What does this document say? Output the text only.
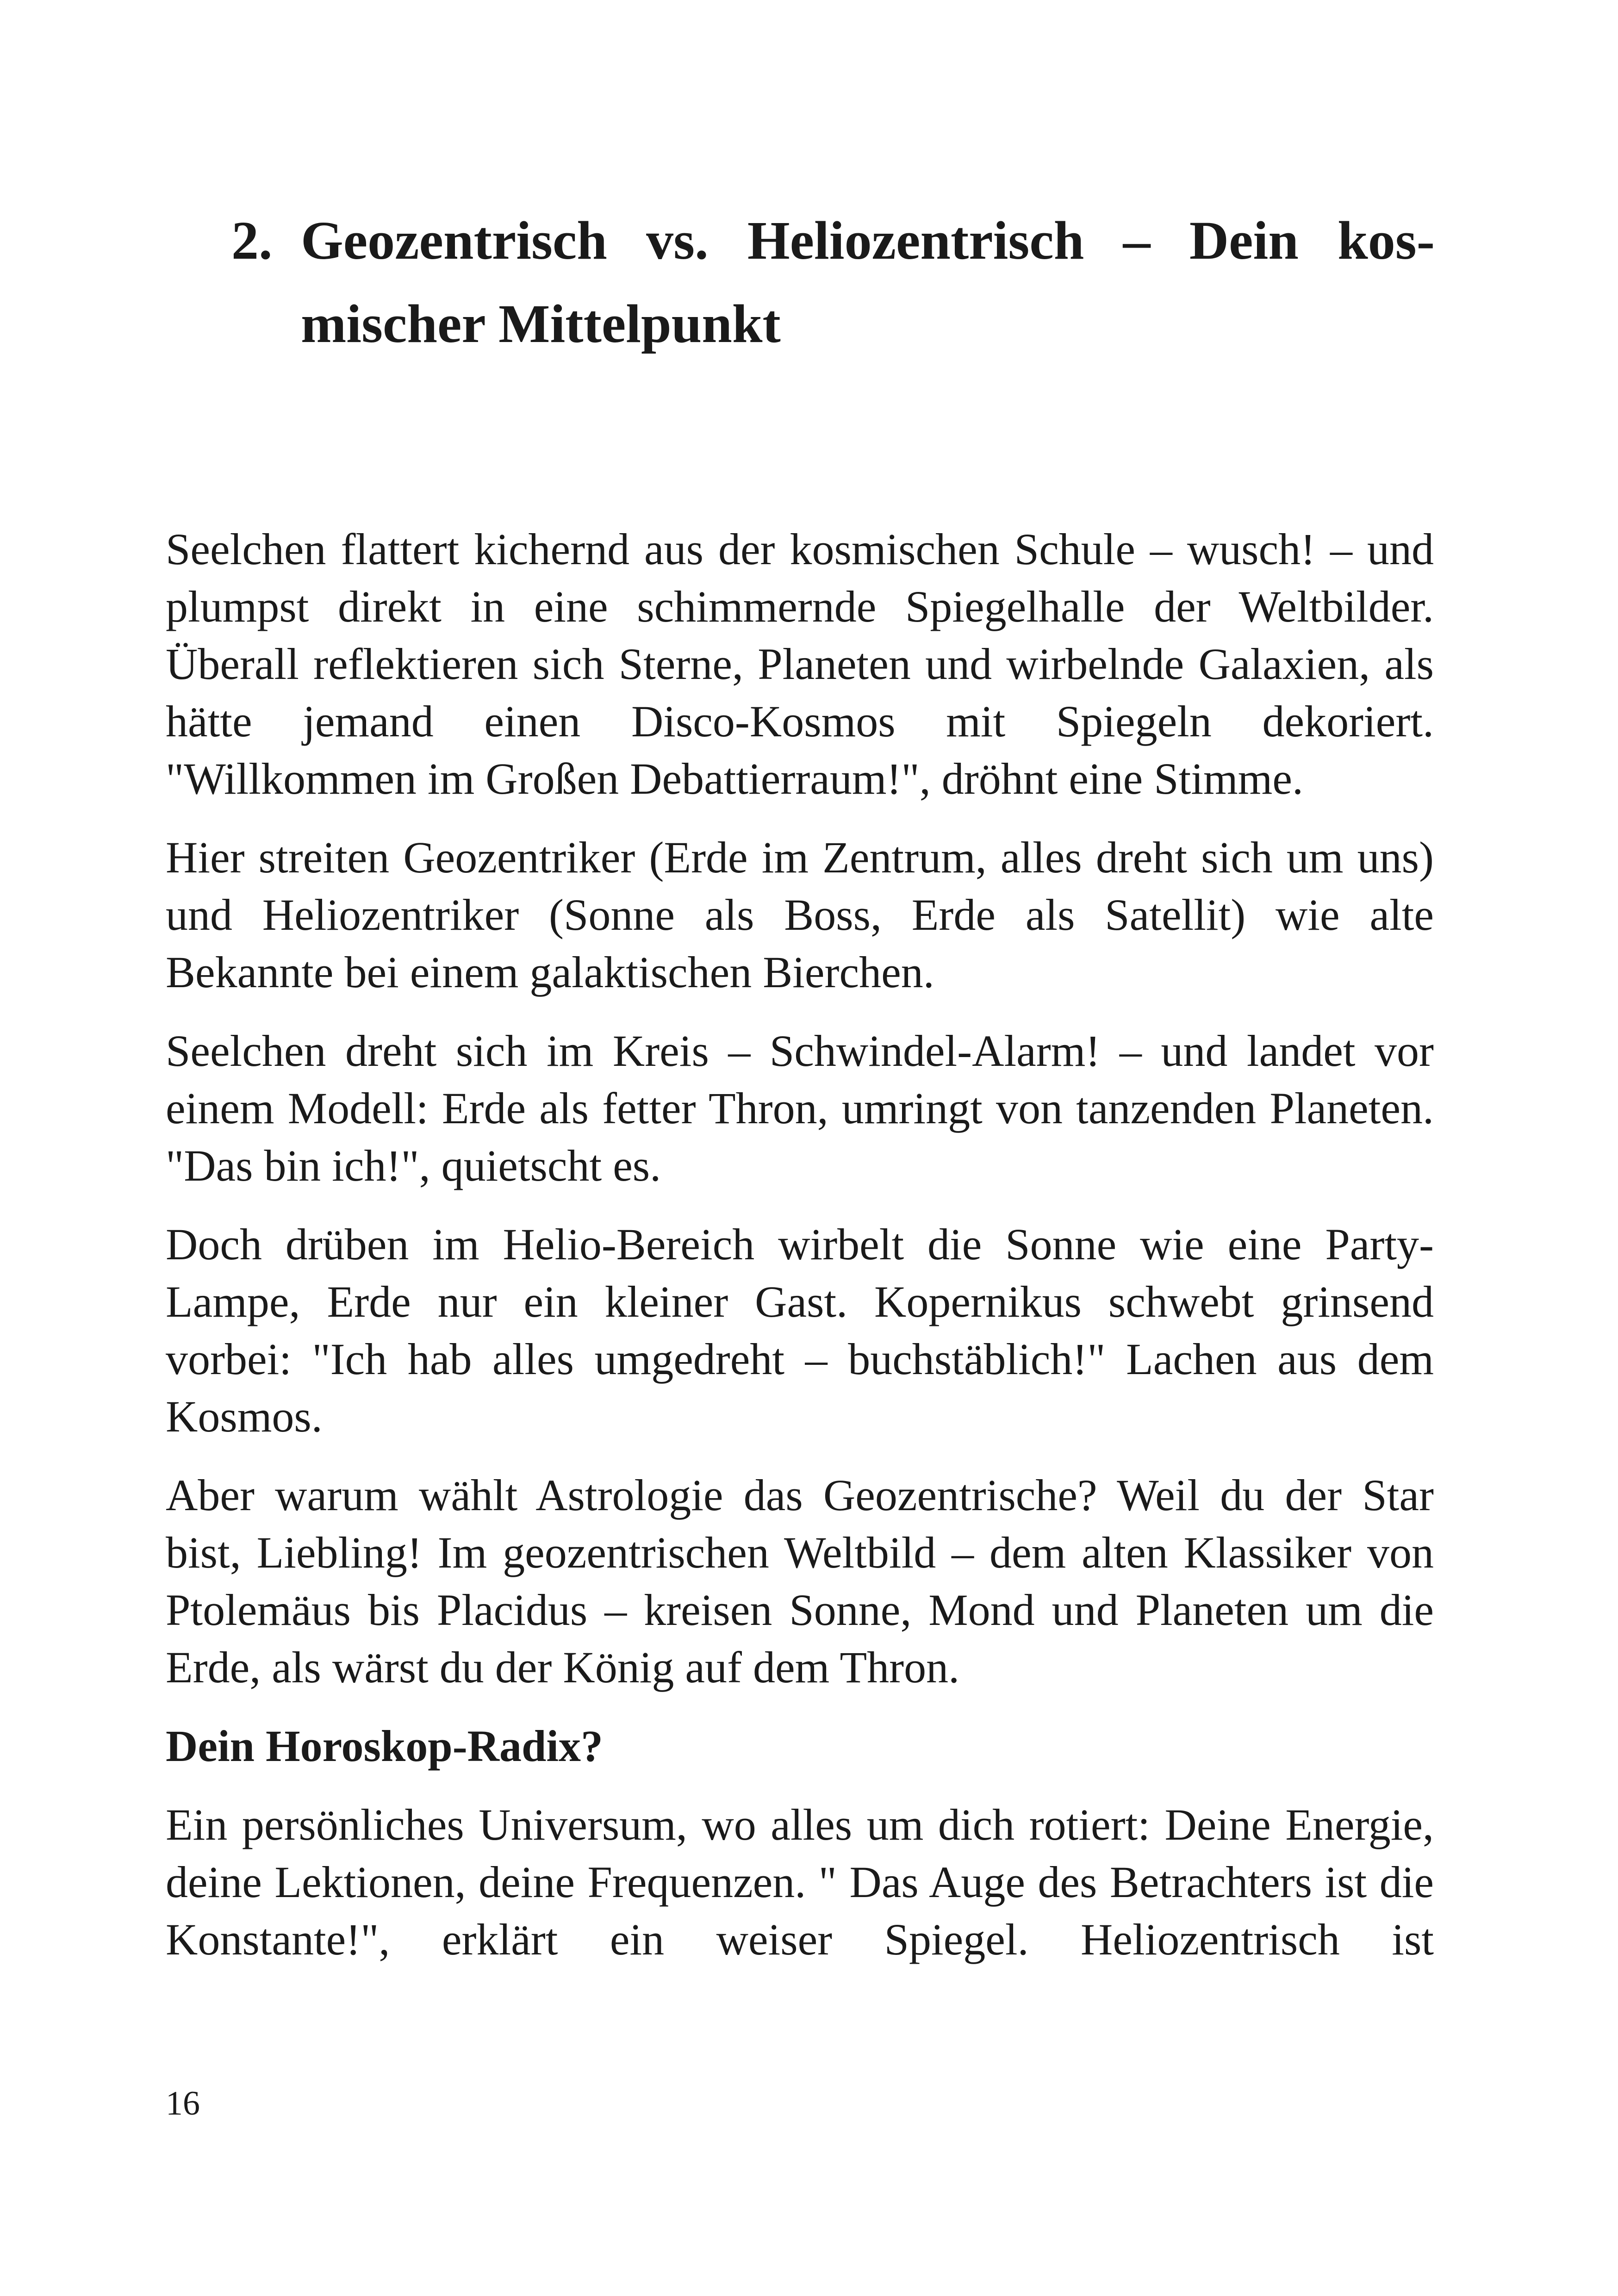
2. Geozentrisch vs. Heliozentrisch – Dein kosmischer Mittelpunkt

Seelchen flattert kichernd aus der kosmischen Schule – wusch! – und plumpst direkt in eine schimmernde Spiegelhalle der Weltbilder. Überall reflektieren sich Sterne, Planeten und wirbelnde Galaxien, als hätte jemand einen Disco-Kosmos mit Spiegeln dekoriert. "Willkommen im Großen Debattierraum!", dröhnt eine Stimme.

Hier streiten Geozentriker (Erde im Zentrum, alles dreht sich um uns) und Heliozentriker (Sonne als Boss, Erde als Satellit) wie alte Bekannte bei einem galaktischen Bierchen.

Seelchen dreht sich im Kreis – Schwindel-Alarm! – und landet vor einem Modell: Erde als fetter Thron, umringt von tanzenden Planeten. "Das bin ich!", quietscht es.

Doch drüben im Helio-Bereich wirbelt die Sonne wie eine Party-Lampe, Erde nur ein kleiner Gast. Kopernikus schwebt grinsend vorbei: "Ich hab alles umgedreht – buchstäblich!" Lachen aus dem Kosmos.

Aber warum wählt Astrologie das Geozentrische? Weil du der Star bist, Liebling! Im geozentrischen Weltbild – dem alten Klassiker von Ptolemäus bis Placidus – kreisen Sonne, Mond und Planeten um die Erde, als wärst du der König auf dem Thron.

Dein Horoskop-Radix?

Ein persönliches Universum, wo alles um dich rotiert: Deine Energie, deine Lektionen, deine Frequenzen. " Das Auge des Betrachters ist die Konstante!", erklärt ein weiser Spiegel. Heliozentrisch ist

16
